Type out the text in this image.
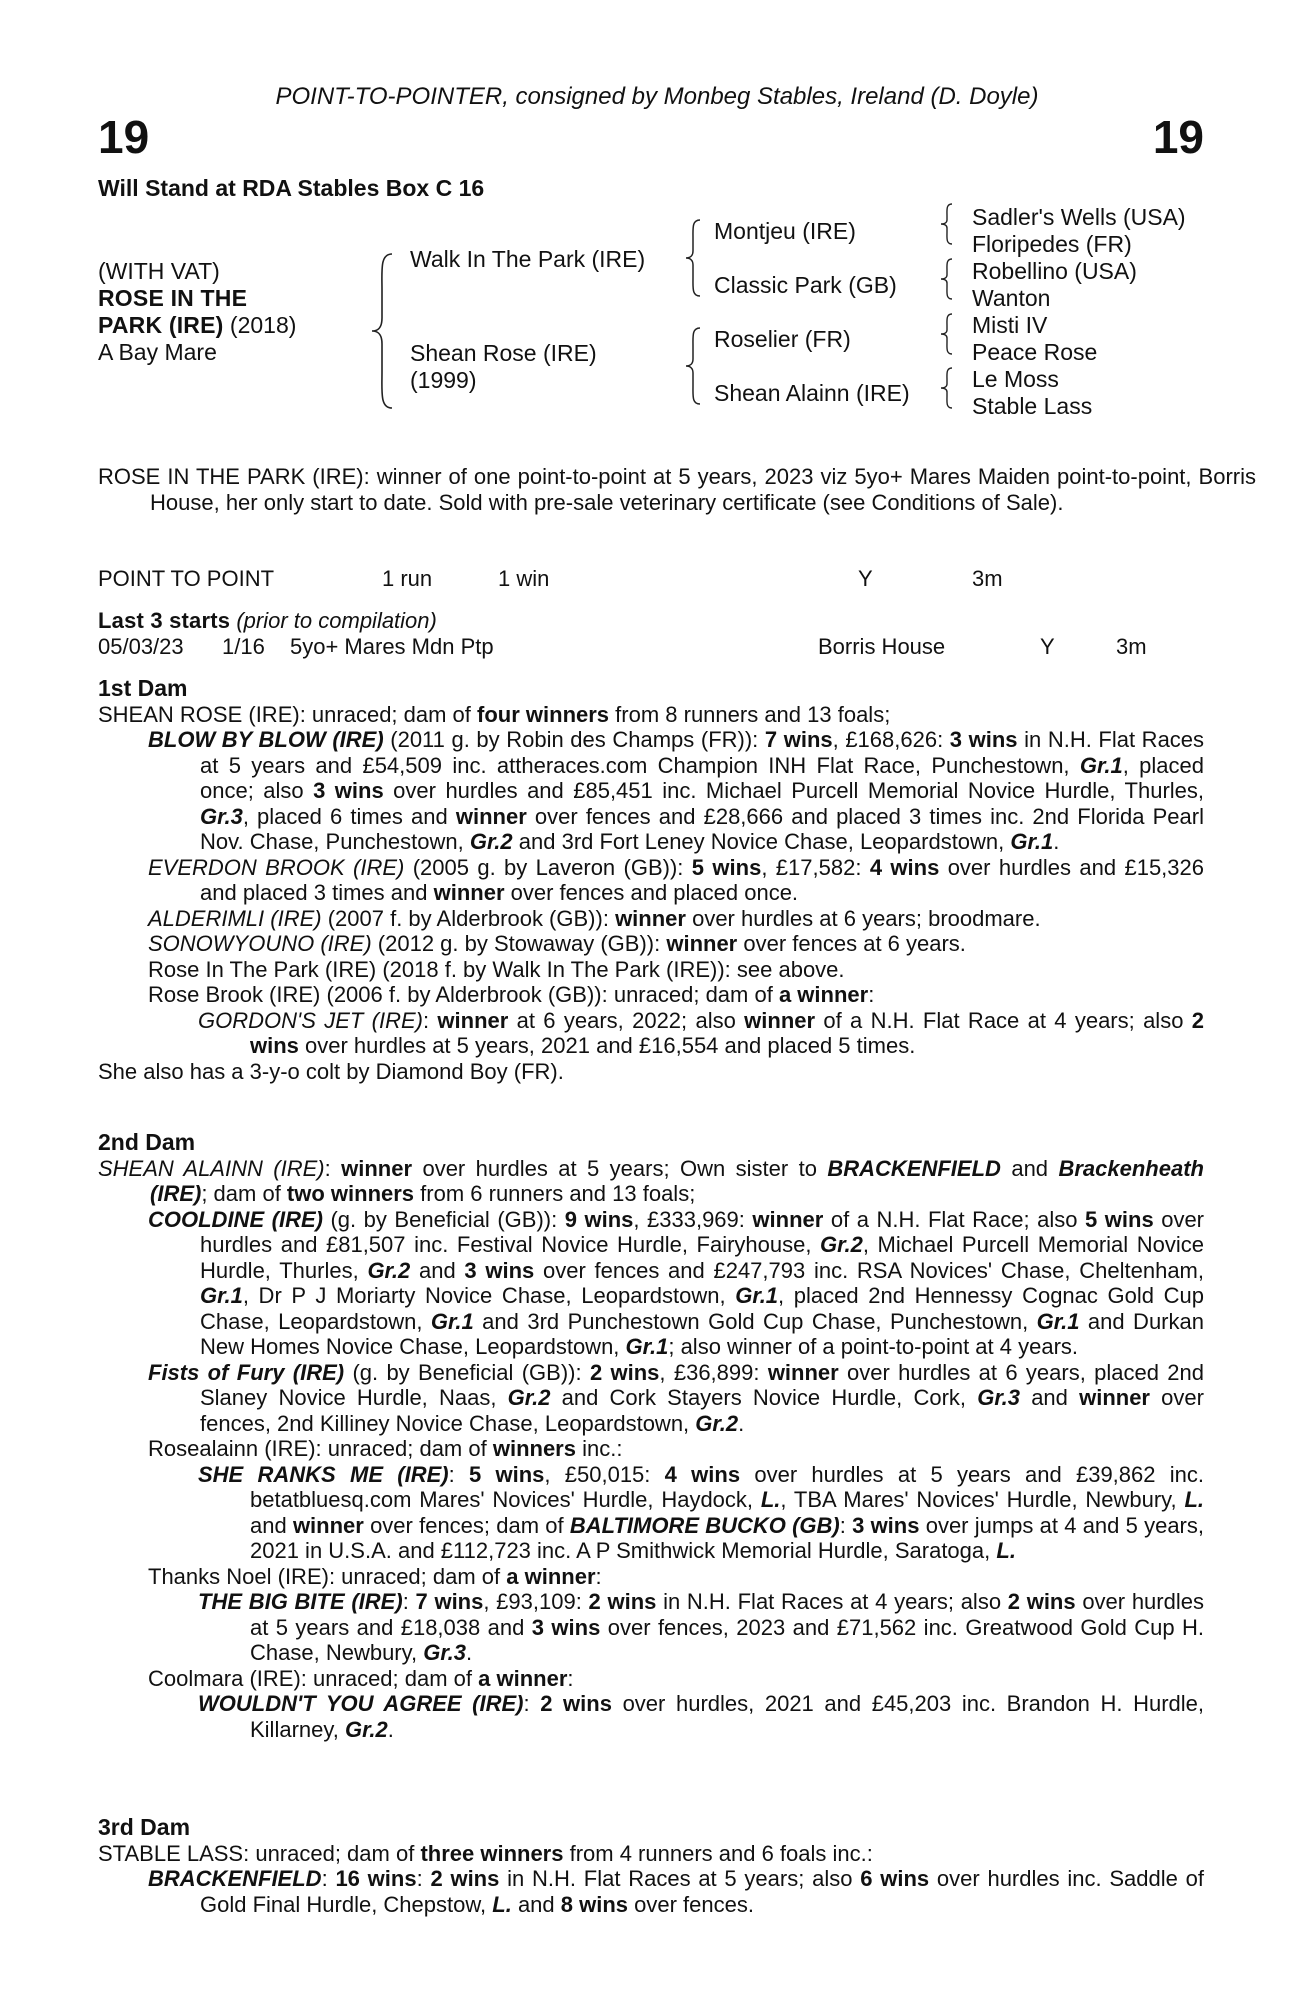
POINT-TO-POINTER, consigned by Monbeg Stables, Ireland (D. Doyle)
19	19
Will Stand at RDA Stables Box C 16
(WITH VAT)
ROSE IN THE
PARK (IRE) (2018)
A Bay Mare
Walk In The Park (IRE)
Shean Rose (IRE)
(1999)
Montjeu (IRE)
Classic Park (GB)
Roselier (FR)
Shean Alainn (IRE)
Sadler's Wells (USA)
Floripedes (FR)
Robellino (USA)
Wanton
Misti IV
Peace Rose
Le Moss
Stable Lass
ROSE IN THE PARK (IRE): winner of one point-to-point at 5 years, 2023 viz 5yo+ Mares Maiden point-to-point, Borris House, her only start to date. Sold with pre-sale veterinary certificate (see Conditions of Sale).
POINT TO POINT	1 run	1 win	Y	3m
Last 3 starts (prior to compilation)
05/03/23 1/16 5yo+ Mares Mdn Ptp	Borris House	Y	3m
1st Dam
SHEAN ROSE (IRE): unraced; dam of four winners from 8 runners and 13 foals;
BLOW BY BLOW (IRE) (2011 g. by Robin des Champs (FR)): 7 wins, £168,626: 3 wins in N.H. Flat Races at 5 years and £54,509 inc. attheraces.com Champion INH Flat Race, Punchestown, Gr.1, placed once; also 3 wins over hurdles and £85,451 inc. Michael Purcell Memorial Novice Hurdle, Thurles, Gr.3, placed 6 times and winner over fences and £28,666 and placed 3 times inc. 2nd Florida Pearl Nov. Chase, Punchestown, Gr.2 and 3rd Fort Leney Novice Chase, Leopardstown, Gr.1.
EVERDON BROOK (IRE) (2005 g. by Laveron (GB)): 5 wins, £17,582: 4 wins over hurdles and £15,326 and placed 3 times and winner over fences and placed once.
ALDERIMLI (IRE) (2007 f. by Alderbrook (GB)): winner over hurdles at 6 years; broodmare.
SONOWYOUNO (IRE) (2012 g. by Stowaway (GB)): winner over fences at 6 years.
Rose In The Park (IRE) (2018 f. by Walk In The Park (IRE)): see above.
Rose Brook (IRE) (2006 f. by Alderbrook (GB)): unraced; dam of a winner:
GORDON'S JET (IRE): winner at 6 years, 2022; also winner of a N.H. Flat Race at 4 years; also 2 wins over hurdles at 5 years, 2021 and £16,554 and placed 5 times.
She also has a 3-y-o colt by Diamond Boy (FR).
2nd Dam
SHEAN ALAINN (IRE): winner over hurdles at 5 years; Own sister to BRACKENFIELD and Brackenheath (IRE); dam of two winners from 6 runners and 13 foals;
COOLDINE (IRE) (g. by Beneficial (GB)): 9 wins, £333,969: winner of a N.H. Flat Race; also 5 wins over hurdles and £81,507 inc. Festival Novice Hurdle, Fairyhouse, Gr.2, Michael Purcell Memorial Novice Hurdle, Thurles, Gr.2 and 3 wins over fences and £247,793 inc. RSA Novices' Chase, Cheltenham, Gr.1, Dr P J Moriarty Novice Chase, Leopardstown, Gr.1, placed 2nd Hennessy Cognac Gold Cup Chase, Leopardstown, Gr.1 and 3rd Punchestown Gold Cup Chase, Punchestown, Gr.1 and Durkan New Homes Novice Chase, Leopardstown, Gr.1; also winner of a point-to-point at 4 years.
Fists of Fury (IRE) (g. by Beneficial (GB)): 2 wins, £36,899: winner over hurdles at 6 years, placed 2nd Slaney Novice Hurdle, Naas, Gr.2 and Cork Stayers Novice Hurdle, Cork, Gr.3 and winner over fences, 2nd Killiney Novice Chase, Leopardstown, Gr.2.
Rosealainn (IRE): unraced; dam of winners inc.:
SHE RANKS ME (IRE): 5 wins, £50,015: 4 wins over hurdles at 5 years and £39,862 inc. betatbluesq.com Mares' Novices' Hurdle, Haydock, L., TBA Mares' Novices' Hurdle, Newbury, L. and winner over fences; dam of BALTIMORE BUCKO (GB): 3 wins over jumps at 4 and 5 years, 2021 in U.S.A. and £112,723 inc. A P Smithwick Memorial Hurdle, Saratoga, L.
Thanks Noel (IRE): unraced; dam of a winner:
THE BIG BITE (IRE): 7 wins, £93,109: 2 wins in N.H. Flat Races at 4 years; also 2 wins over hurdles at 5 years and £18,038 and 3 wins over fences, 2023 and £71,562 inc. Greatwood Gold Cup H. Chase, Newbury, Gr.3.
Coolmara (IRE): unraced; dam of a winner:
WOULDN'T YOU AGREE (IRE): 2 wins over hurdles, 2021 and £45,203 inc. Brandon H. Hurdle, Killarney, Gr.2.
3rd Dam
STABLE LASS: unraced; dam of three winners from 4 runners and 6 foals inc.:
BRACKENFIELD: 16 wins: 2 wins in N.H. Flat Races at 5 years; also 6 wins over hurdles inc. Saddle of Gold Final Hurdle, Chepstow, L. and 8 wins over fences.
